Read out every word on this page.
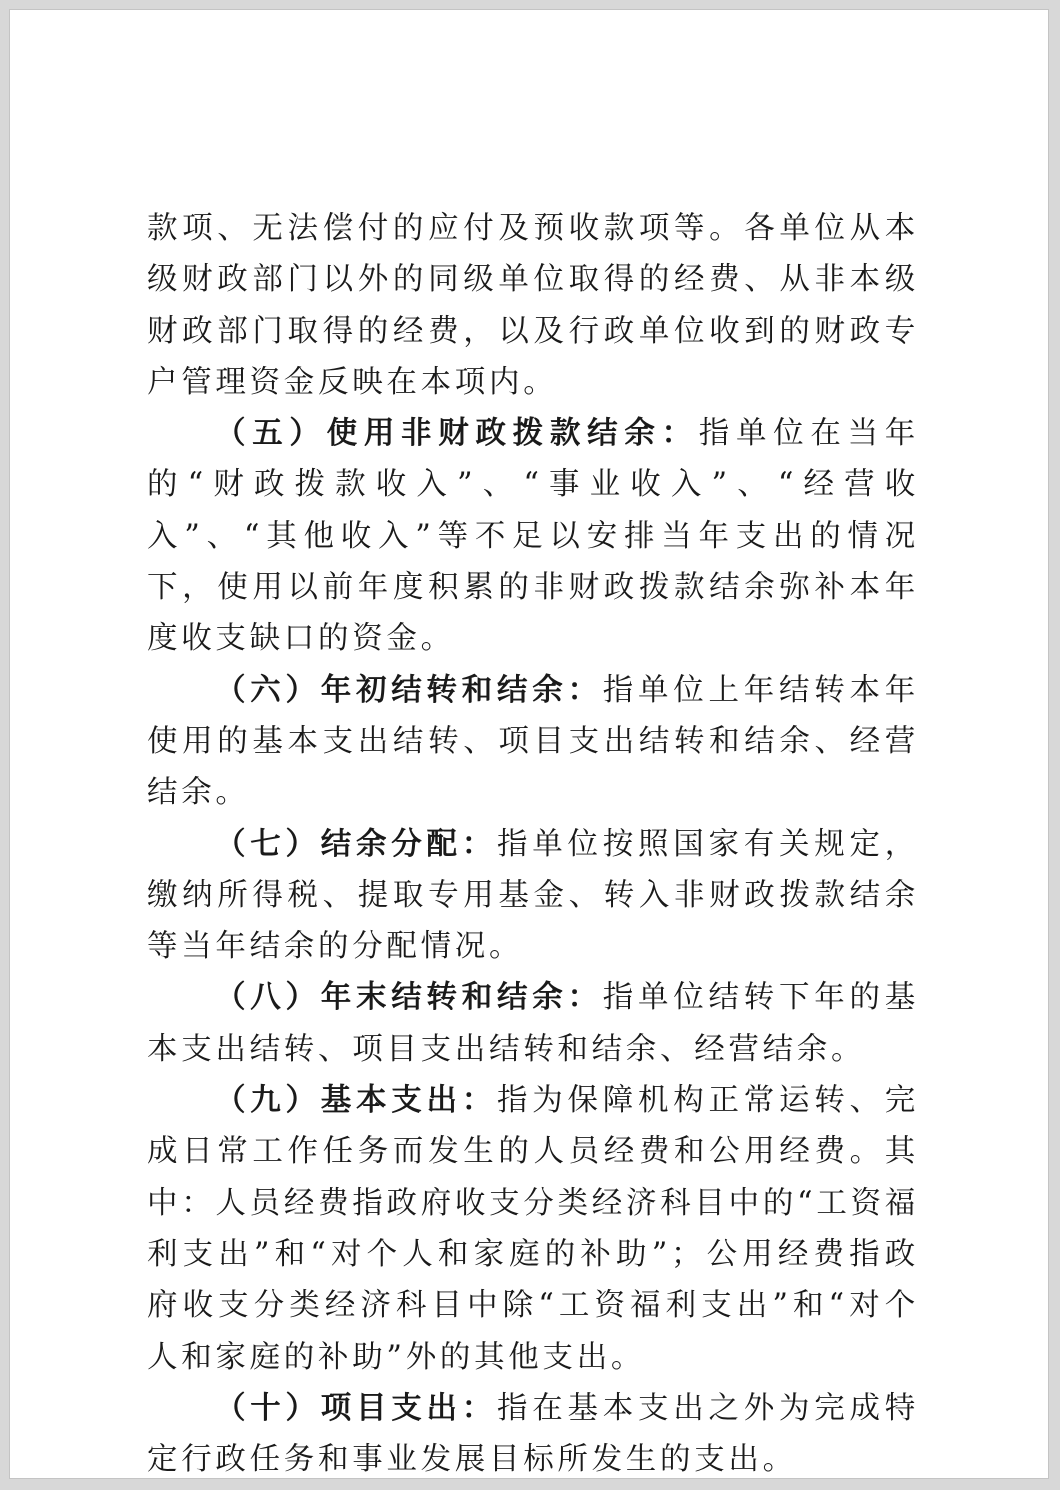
款项、无法偿付的应付及预收款项等。各单位从本级财政部门以外的同级单位取得的经费、从非本级财政部门取得的经费，以及行政单位收到的财政专户管理资金反映在本项内。

（五）使用非财政拨款结余：指单位在当年的“财政拨款收入”、“事业收入”、“经营收入”、“其他收入”等不足以安排当年支出的情况下，使用以前年度积累的非财政拨款结余弥补本年度收支缺口的资金。

（六）年初结转和结余：指单位上年结转本年使用的基本支出结转、项目支出结转和结余、经营结余。

（七）结余分配：指单位按照国家有关规定，缴纳所得税、提取专用基金、转入非财政拨款结余等当年结余的分配情况。

（八）年末结转和结余：指单位结转下年的基本支出结转、项目支出结转和结余、经营结余。

（九）基本支出：指为保障机构正常运转、完成日常工作任务而发生的人员经费和公用经费。其中：人员经费指政府收支分类经济科目中的“工资福利支出”和“对个人和家庭的补助”；公用经费指政府收支分类经济科目中除“工资福利支出”和“对个人和家庭的补助”外的其他支出。

（十）项目支出：指在基本支出之外为完成特定行政任务和事业发展目标所发生的支出。
